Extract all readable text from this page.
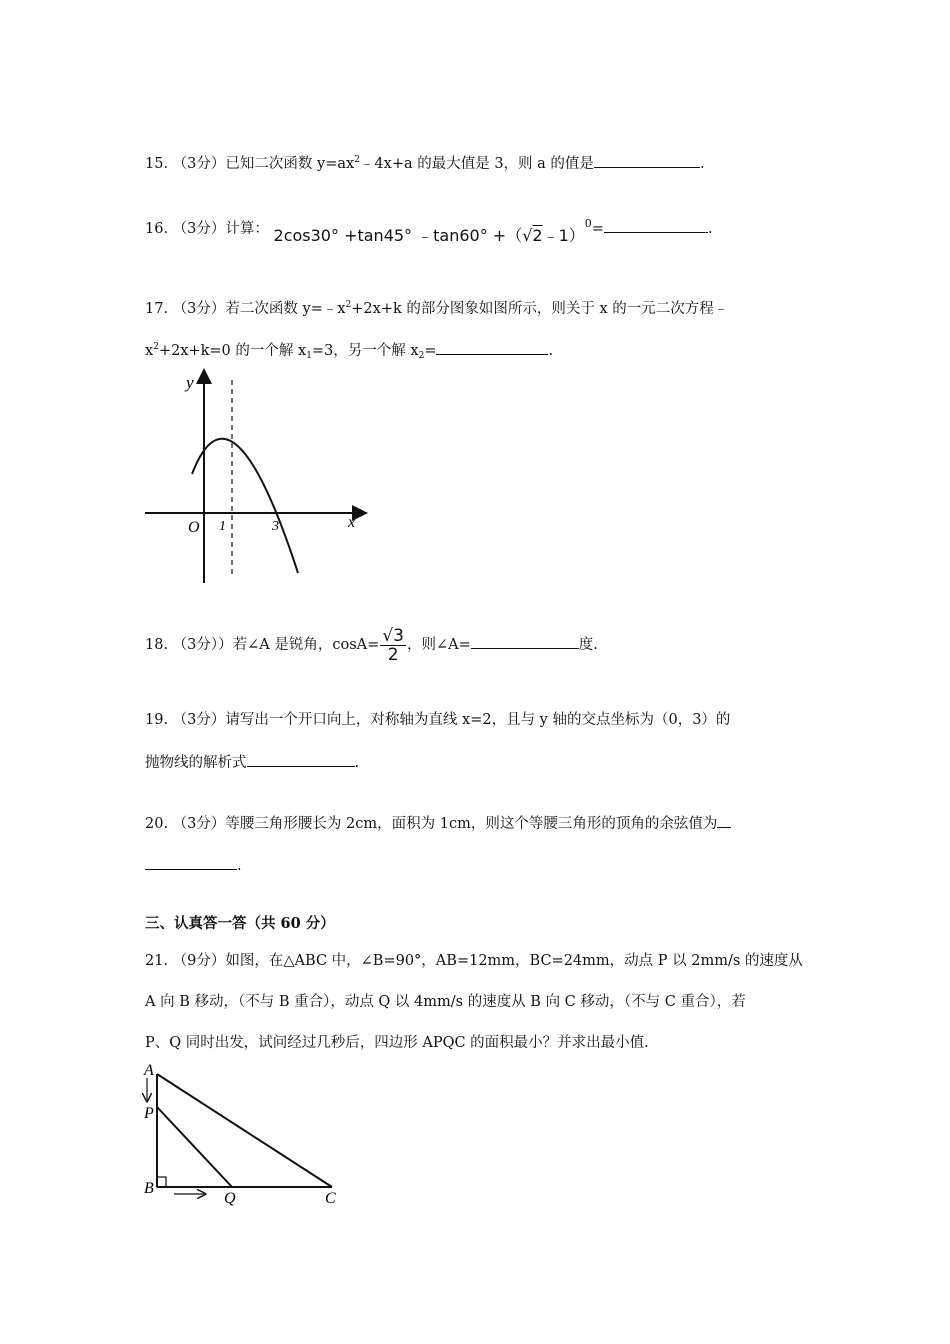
15. （3分）已知二次函数 $y=ax^2﹣4x+a$ 的最大值是 3，则 a 的值是	.
16. （3分）计算： 2cos30° +tan45° ﹣tan60° +（√2﹣1）$^0$=	.
17. （3分）若二次函数 $y=﹣x^2+2x+k$ 的部分图象如图所示，则关于 x 的一元二次方程﹣
$x^2+2x+k=0$ 的一个解 $x_1=3$，另一个解 $x_2=$	.
y
x
O 1	3
18. （3分））若∠A 是锐角，$\cos A= \frac{√3}{2}$ ，则∠A=	度.
19. （3分）请写出一个开口向上，对称轴为直线 x=2，且与 y 轴的交点坐标为（0，3）的
抛物线的解析式	.
20. （3分）等腰三角形腰长为 2cm，面积为 1cm，则这个等腰三角形的顶角的余弦值为
.
三、认真答一答（共 60 分）
21. （9分）如图，在△ABC 中，∠B=90°，AB=12mm，BC=24mm，动点 P 以 2mm/s 的速度从
A 向 B 移动，（不与 B 重合），动点 Q 以 4mm/s 的速度从 B 向 C 移动，（不与 C 重合），若
P、Q 同时出发，试问经过几秒后，四边形 APQC 的面积最小？并求出最小值.
A
P
B
Q	C
